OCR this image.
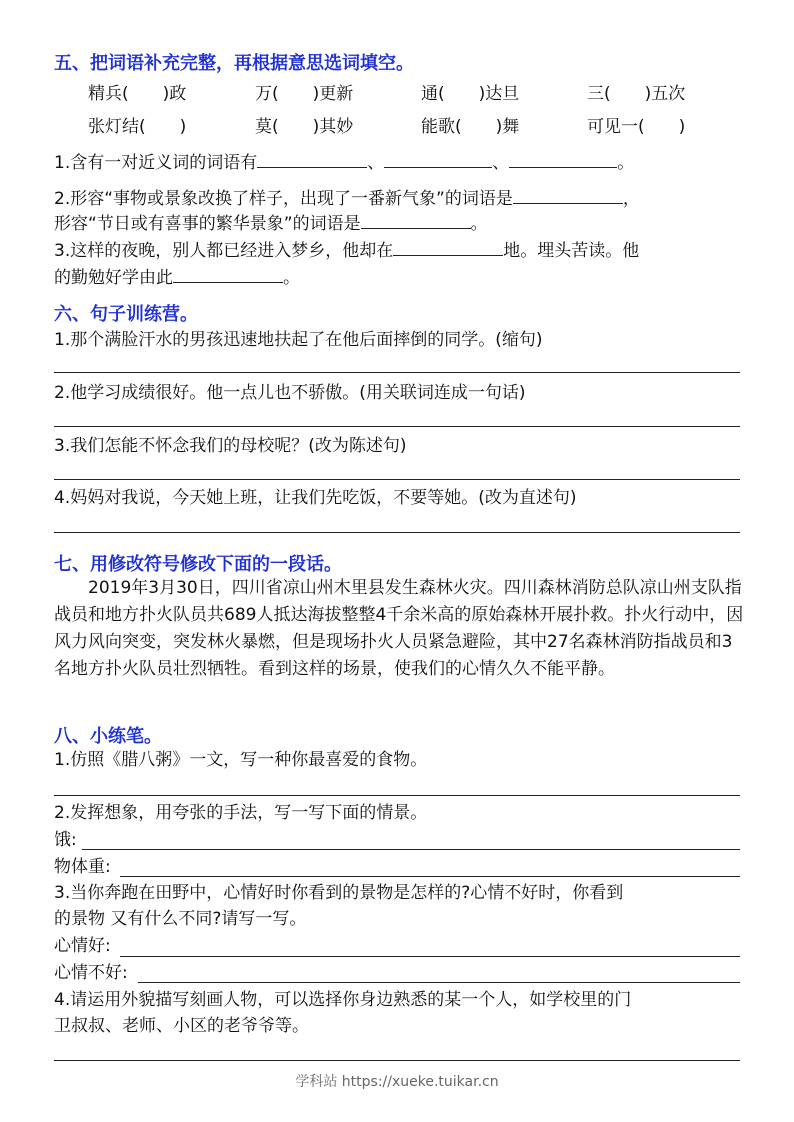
五、把词语补充完整，再根据意思选词填空。
精兵(　　)政	万(　　)更新	通(　　)达旦	三(　　)五次
张灯结(　　)	莫(　　)其妙	能歌(　　)舞	可见一(　　)
1.含有一对近义词的词语有	、	、	。
2.形容“事物或景象改换了样子，出现了一番新气象”的词语是	，
形容“节日或有喜事的繁华景象”的词语是	。
3.这样的夜晚，别人都已经进入梦乡，他却在	地。埋头苦读。他
的勤勉好学由此	。
六、句子训练营。
1.那个满脸汗水的男孩迅速地扶起了在他后面摔倒的同学。(缩句)
2.他学习成绩很好。他一点儿也不骄傲。(用关联词连成一句话)
3.我们怎能不怀念我们的母校呢？(改为陈述句)
4.妈妈对我说，今天她上班，让我们先吃饭，不要等她。(改为直述句)
七、用修改符号修改下面的一段话。
2019年3月30日，四川省凉山州木里县发生森林火灾。四川森林消防总队凉山州支队指战员和地方扑火队员共689人抵达海拔整整4千余米高的原始森林开展扑救。扑火行动中，因风力风向突变，突发林火暴燃，但是现场扑火人员紧急避险，其中27名森林消防指战员和3名地方扑火队员壮烈牺牲。看到这样的场景，使我们的心情久久不能平静。
八、小练笔。
1.仿照《腊八粥》一文，写一种你最喜爱的食物。
2.发挥想象，用夸张的手法，写一写下面的情景。
饿:
物体重:
3.当你奔跑在田野中，心情好时你看到的景物是怎样的?心情不好时，你看到
的景物 又有什么不同?请写一写。
心情好:
心情不好:
4.请运用外貌描写刻画人物，可以选择你身边熟悉的某一个人，如学校里的门
卫叔叔、老师、小区的老爷爷等。
学科站 https://xueke.tuikar.cn
